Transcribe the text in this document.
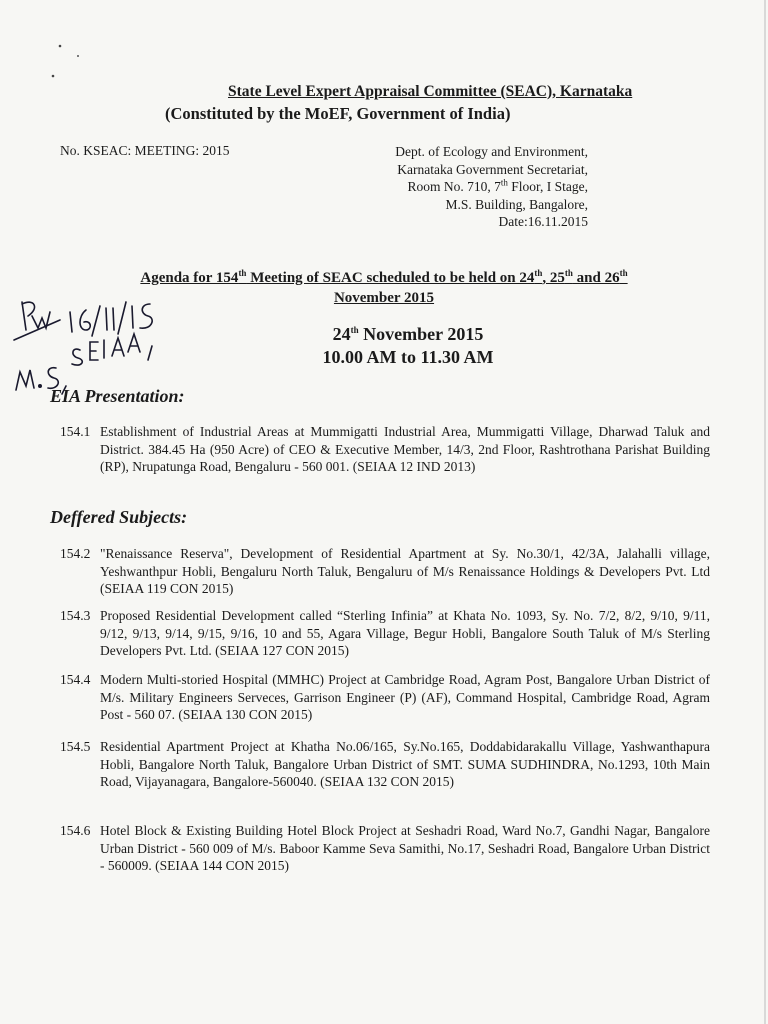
State Level Expert Appraisal Committee (SEAC), Karnataka
(Constituted by the MoEF, Government of India)
No. KSEAC: MEETING: 2015	Dept. of Ecology and Environment,
Karnataka Government Secretariat,
Room No. 710, 7th Floor, I Stage,
M.S. Building, Bangalore,
Date:16.11.2015
Agenda for 154th Meeting of SEAC scheduled to be held on 24th, 25th and 26th
November 2015
24th November 2015
10.00 AM to 11.30 AM
EIA Presentation:
154.1 Establishment of Industrial Areas at Mummigatti Industrial Area, Mummigatti Village, Dharwad Taluk and District. 384.45 Ha (950 Acre) of CEO & Executive Member, 14/3, 2nd Floor, Rashtrothana Parishat Building (RP), Nrupatunga Road, Bengaluru - 560 001. (SEIAA 12 IND 2013)
Deffered Subjects:
154.2 "Renaissance Reserva", Development of Residential Apartment at Sy. No.30/1, 42/3A, Jalahalli village, Yeshwanthpur Hobli, Bengaluru North Taluk, Bengaluru of M/s Renaissance Holdings & Developers Pvt. Ltd (SEIAA 119 CON 2015)
154.3 Proposed Residential Development called “Sterling Infinia” at Khata No. 1093, Sy. No. 7/2, 8/2, 9/10, 9/11, 9/12, 9/13, 9/14, 9/15, 9/16, 10 and 55, Agara Village, Begur Hobli, Bangalore South Taluk of M/s Sterling Developers Pvt. Ltd. (SEIAA 127 CON 2015)
154.4 Modern Multi-storied Hospital (MMHC) Project at Cambridge Road, Agram Post, Bangalore Urban District of M/s. Military Engineers Serveces, Garrison Engineer (P) (AF), Command Hospital, Cambridge Road, Agram Post - 560 07. (SEIAA 130 CON 2015)
154.5 Residential Apartment Project at Khatha No.06/165, Sy.No.165, Doddabidarakallu Village, Yashwanthapura Hobli, Bangalore North Taluk, Bangalore Urban District of SMT. SUMA SUDHINDRA, No.1293, 10th Main Road, Vijayanagara, Bangalore-560040. (SEIAA 132 CON 2015)
154.6 Hotel Block & Existing Building Hotel Block Project at Seshadri Road, Ward No.7, Gandhi Nagar, Bangalore Urban District - 560 009 of M/s. Baboor Kamme Seva Samithi, No.17, Seshadri Road, Bangalore Urban District - 560009. (SEIAA 144 CON 2015)
